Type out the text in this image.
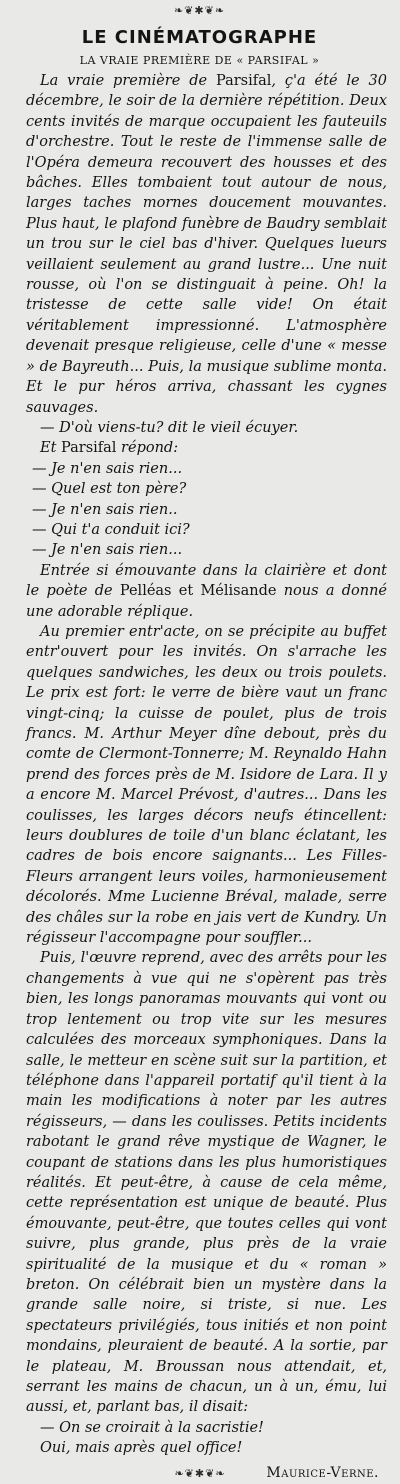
❧❦✱❦❧
LE CINÉMATOGRAPHE
LA VRAIE PREMIÈRE DE « PARSIFAL »

La vraie première de Parsifal, ç'a été le 30 décembre, le soir de la dernière répétition. Deux cents invités de marque occupaient les fauteuils d'orchestre. Tout le reste de l'immense salle de l'Opéra demeura recouvert des housses et des bâches. Elles tombaient tout autour de nous, larges taches mornes doucement mouvantes. Plus haut, le plafond funèbre de Baudry semblait un trou sur le ciel bas d'hiver. Quelques lueurs veillaient seulement au grand lustre... Une nuit rousse, où l'on se distinguait à peine. Oh! la tristesse de cette salle vide! On était véritablement impressionné. L'atmosphère devenait presque religieuse, celle d'une « messe » de Bayreuth... Puis, la musique sublime monta. Et le pur héros arriva, chassant les cygnes sauvages.

— D'où viens-tu? dit le vieil écuyer.

Et Parsifal répond:

— Je n'en sais rien...

— Quel est ton père?

— Je n'en sais rien..

— Qui t'a conduit ici?

— Je n'en sais rien...

Entrée si émouvante dans la clairière et dont le poète de Pelléas et Mélisande nous a donné une adorable réplique.

Au premier entr'acte, on se précipite au buffet entr'ouvert pour les invités. On s'arrache les quelques sandwiches, les deux ou trois poulets. Le prix est fort: le verre de bière vaut un franc vingt-cinq; la cuisse de poulet, plus de trois francs. M. Arthur Meyer dîne debout, près du comte de Clermont-Tonnerre; M. Reynaldo Hahn prend des forces près de M. Isidore de Lara. Il y a encore M. Marcel Prévost, d'autres... Dans les coulisses, les larges décors neufs étincellent: leurs doublures de toile d'un blanc éclatant, les cadres de bois encore saignants... Les Filles-Fleurs arrangent leurs voiles, harmonieusement décolorés. Mme Lucienne Bréval, malade, serre des châles sur la robe en jais vert de Kundry. Un régisseur l'accompagne pour souffler...

Puis, l'œuvre reprend, avec des arrêts pour les changements à vue qui ne s'opèrent pas très bien, les longs panoramas mouvants qui vont ou trop lentement ou trop vite sur les mesures calculées des morceaux symphoniques. Dans la salle, le metteur en scène suit sur la partition, et téléphone dans l'appareil portatif qu'il tient à la main les modifications à noter par les autres régisseurs, — dans les coulisses. Petits incidents rabotant le grand rêve mystique de Wagner, le coupant de stations dans les plus humoristiques réalités. Et peut-être, à cause de cela même, cette représentation est unique de beauté. Plus émouvante, peut-être, que toutes celles qui vont suivre, plus grande, plus près de la vraie spiritualité de la musique et du « roman » breton. On célébrait bien un mystère dans la grande salle noire, si triste, si nue. Les spectateurs privilégiés, tous initiés et non point mondains, pleuraient de beauté. A la sortie, par le plateau, M. Broussan nous attendait, et, serrant les mains de chacun, un à un, ému, lui aussi, et, parlant bas, il disait:

— On se croirait à la sacristie!

Oui, mais après quel office!

Maurice-Verne.
❧❦✱❦❧
